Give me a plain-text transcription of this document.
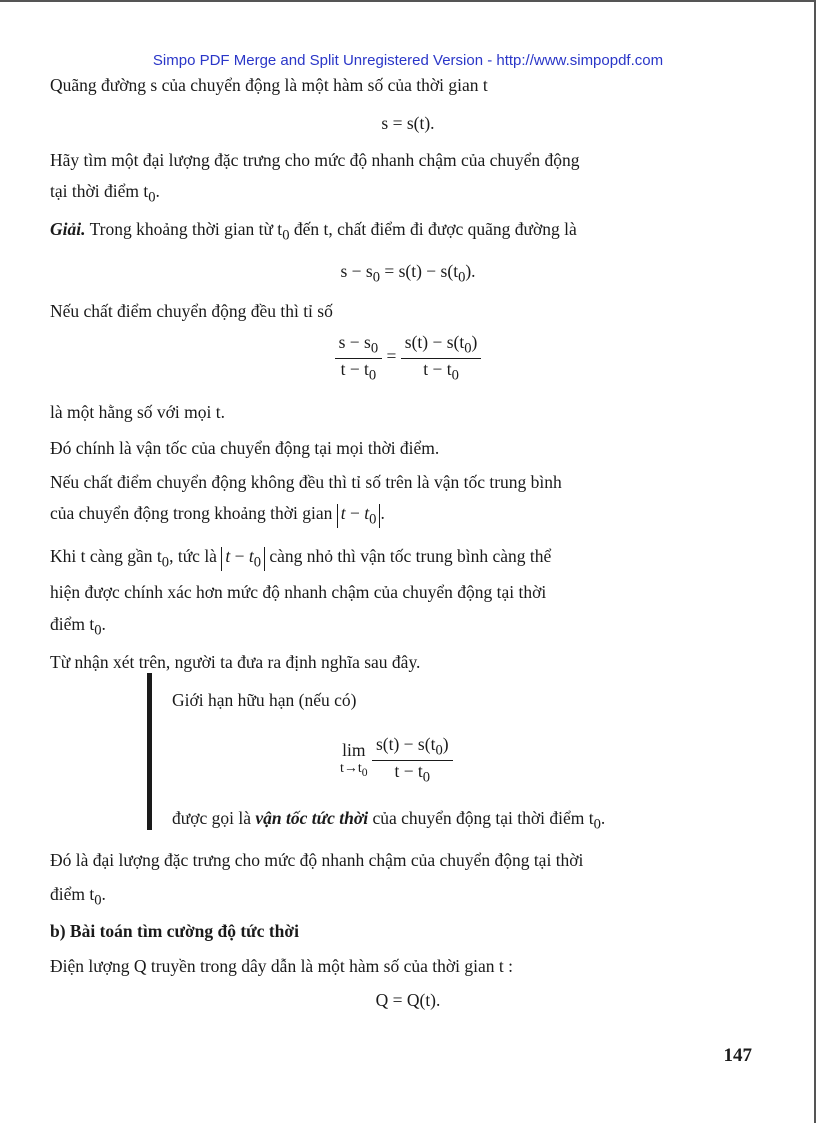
Simpo PDF Merge and Split Unregistered Version - http://www.simpopdf.com
Quãng đường s của chuyển động là một hàm số của thời gian t
s = s(t).
Hãy tìm một đại lượng đặc trưng cho mức độ nhanh chậm của chuyển động
tại thời điểm $t_0$.
Giải. Trong khoảng thời gian từ $t_0$ đến t, chất điểm đi được quãng đường là
$s - s_0 = s(t) - s(t_0)$.
Nếu chất điểm chuyển động đều thì tỉ số
$\frac{s - s_0}{t - t_0} = \frac{s(t) - s(t_0)}{t - t_0}$
là một hằng số với mọi t.
Đó chính là vận tốc của chuyển động tại mọi thời điểm.
Nếu chất điểm chuyển động không đều thì tỉ số trên là vận tốc trung bình
của chuyển động trong khoảng thời gian $t - t_0$ .
Khi t càng gần $t_0$, tức là $t - t_0$ càng nhỏ thì vận tốc trung bình càng thể
hiện được chính xác hơn mức độ nhanh chậm của chuyển động tại thời
điểm $t_0$.
Từ nhận xét trên, người ta đưa ra định nghĩa sau đây.
Giới hạn hữu hạn (nếu có)
lim
$t\to t_0$
$\frac{s(t) - s(t_0)}{t - t_0}$
được gọi là vận tốc tức thời của chuyển động tại thời điểm $t_0$.
Đó là đại lượng đặc trưng cho mức độ nhanh chậm của chuyển động tại thời
điểm $t_0$.
b) Bài toán tìm cường độ tức thời
Điện lượng Q truyền trong dây dẫn là một hàm số của thời gian t :
Q = Q(t).
147
